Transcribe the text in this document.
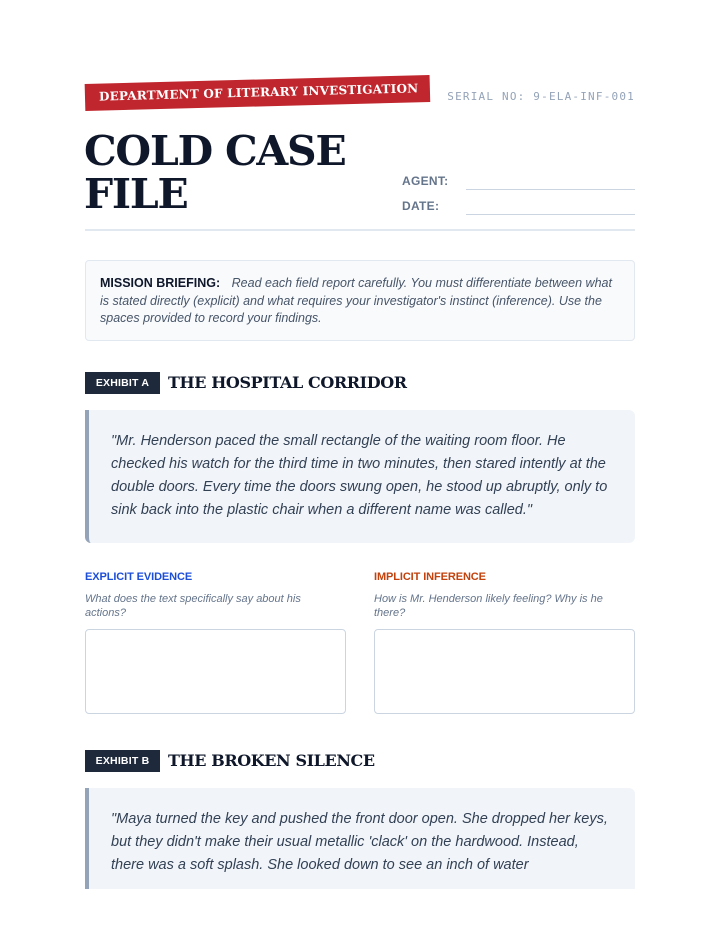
DEPARTMENT OF LITERARY INVESTIGATION	SERIAL NO: 9-ELA-INF-001
COLD CASE
FILE	AGENT:
DATE:
MISSION BRIEFING: Read each field report carefully. You must differentiate between what is stated directly (explicit) and what requires your investigator's instinct (inference). Use the spaces provided to record your findings.
EXHIBIT A	THE HOSPITAL CORRIDOR
"Mr. Henderson paced the small rectangle of the waiting room floor. He checked his watch for the third time in two minutes, then stared intently at the double doors. Every time the doors swung open, he stood up abruptly, only to sink back into the plastic chair when a different name was called."
EXPLICIT EVIDENCE
What does the text specifically say about his actions?
IMPLICIT INFERENCE
How is Mr. Henderson likely feeling? Why is he there?
EXHIBIT B	THE BROKEN SILENCE
"Maya turned the key and pushed the front door open. She dropped her keys, but they didn't make their usual metallic 'clack' on the hardwood. Instead, there was a soft splash. She looked down to see an inch of water
